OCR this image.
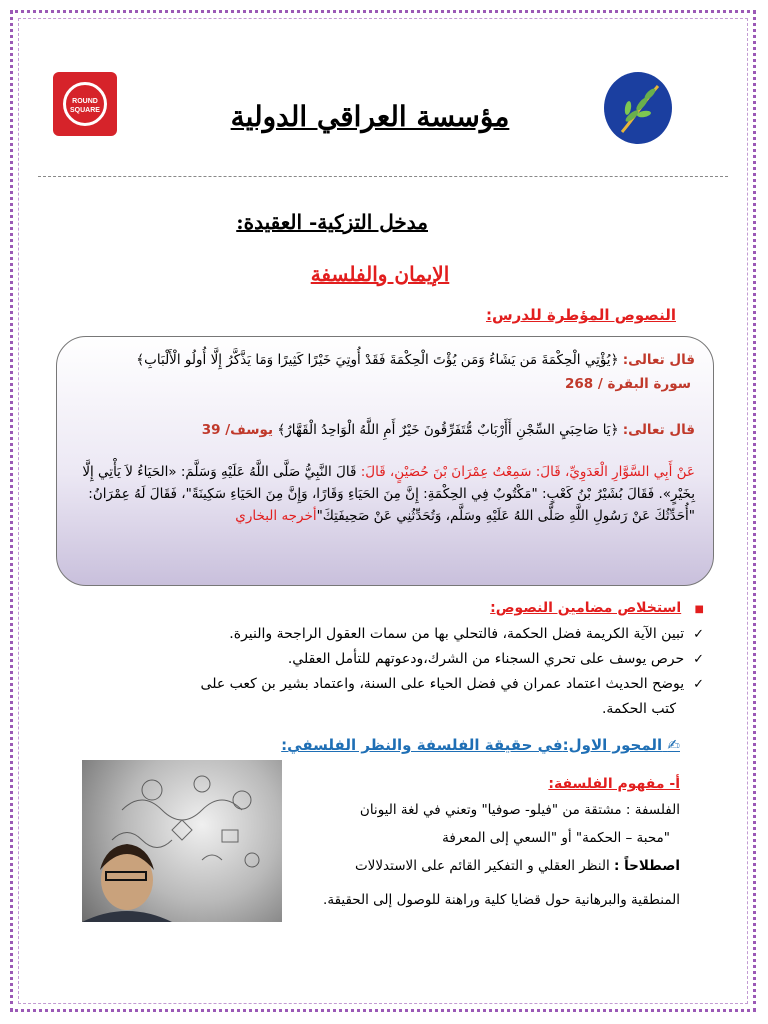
ROUND
SQUARE	مؤسسة العراقي الدولية
مدخل التزكية- العقيدة:
الإيمان والفلسفة
النصوص المؤطرة للدرس:
قال تعالى: ﴿يُؤْتِي الْحِكْمَةَ مَن يَشَاءُ وَمَن يُؤْتَ الْحِكْمَةَ فَقَدْ أُوتِيَ خَيْرًا كَثِيرًا وَمَا يَذَّكَّرُ إِلَّا أُولُو الْأَلْبَابِ﴾
سورة البقرة / 268
قال تعالى: ﴿يَا صَاحِبَيِ السِّجْنِ أَأَرْبَابٌ مُّتَفَرِّقُونَ خَيْرٌ أَمِ اللَّهُ الْوَاحِدُ الْقَهَّارُ﴾ يوسف/ 39
عَنْ أَبِي السَّوَّارِ الْعَدَوِيِّ، قَالَ: سَمِعْتُ عِمْرَانَ بْنَ حُصَيْنٍ، قَالَ: قَالَ النَّبِيُّ صَلَّى اللَّهُ عَلَيْهِ وَسَلَّمَ: «الحَيَاءُ لاَ يَأْتِي إِلَّا بِخَيْرٍ». فَقَالَ بُشَيْرُ بْنُ كَعْبٍ: "مَكْتُوبٌ فِي الحِكْمَةِ: إِنَّ مِنَ الحَيَاءِ وَقَارًا، وَإِنَّ مِنَ الحَيَاءِ سَكِينَةً"، فَقَالَ لَهُ عِمْرَانُ: "أُحَدِّثُكَ عَنْ رَسُولِ اللَّهِ صَلَّى اللهُ عَلَيْهِ وسَلَّم، وَتُحَدِّثُنِي عَنْ صَحِيفَتِكَ"أخرجه البخاري
■   استخلاص مضامين النصوص:
✓  تبين الآية الكريمة فضل الحكمة، فالتحلي بها من سمات العقول الراجحة والنيرة.
✓  حرص يوسف على تحري السجناء من الشرك،ودعوتهم للتأمل العقلي.
✓  يوضح الحديث اعتماد عمران في فضل الحياء على السنة، واعتماد بشير بن كعب على
كتب الحكمة.
✍ المحور الاول:في حقيقة الفلسفة والنظر الفلسفي:
أ- مفهوم الفلسفة:
الفلسفة : مشتقة من "فيلو- صوفيا" وتعني في لغة اليونان
"محبة – الحكمة" أو "السعي إلى المعرفة
اصطلاحاً : النظر العقلي و التفكير القائم على الاستدلالات
المنطقية والبرهانية حول قضايا كلية وراهنة للوصول إلى الحقيقة.
